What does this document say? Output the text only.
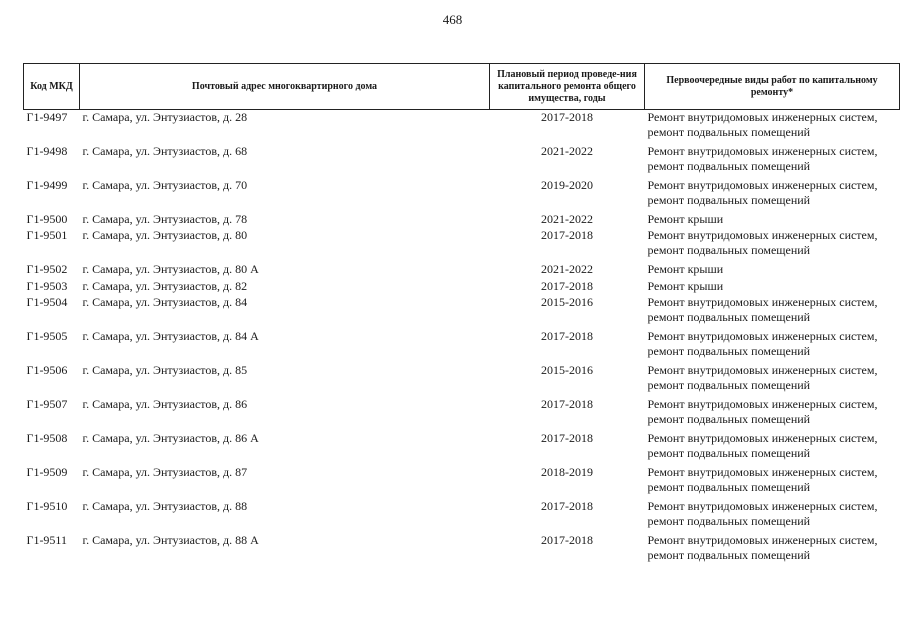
468
Код МКД	Почтовый адрес многоквартирного дома	Плановый период проведе-ния капитального ремонта общего имущества, годы	Первоочередные виды работ по капитальному ремонту*
Г1-9497	г. Самара, ул. Энтузиастов, д. 28	2017-2018	Ремонт внутридомовых инженерных систем,
ремонт подвальных помещений

Г1-9498	г. Самара, ул. Энтузиастов, д. 68	2021-2022	Ремонт внутридомовых инженерных систем,
ремонт подвальных помещений

Г1-9499	г. Самара, ул. Энтузиастов, д. 70	2019-2020	Ремонт внутридомовых инженерных систем,
ремонт подвальных помещений

Г1-9500	г. Самара, ул. Энтузиастов, д. 78	2021-2022	Ремонт крыши

Г1-9501	г. Самара, ул. Энтузиастов, д. 80	2017-2018	Ремонт внутридомовых инженерных систем,
ремонт подвальных помещений

Г1-9502	г. Самара, ул. Энтузиастов, д. 80 А	2021-2022	Ремонт крыши

Г1-9503	г. Самара, ул. Энтузиастов, д. 82	2017-2018	Ремонт крыши

Г1-9504	г. Самара, ул. Энтузиастов, д. 84	2015-2016	Ремонт внутридомовых инженерных систем,
ремонт подвальных помещений

Г1-9505	г. Самара, ул. Энтузиастов, д. 84 А	2017-2018	Ремонт внутридомовых инженерных систем,
ремонт подвальных помещений

Г1-9506	г. Самара, ул. Энтузиастов, д. 85	2015-2016	Ремонт внутридомовых инженерных систем,
ремонт подвальных помещений

Г1-9507	г. Самара, ул. Энтузиастов, д. 86	2017-2018	Ремонт внутридомовых инженерных систем,
ремонт подвальных помещений

Г1-9508	г. Самара, ул. Энтузиастов, д. 86 А	2017-2018	Ремонт внутридомовых инженерных систем,
ремонт подвальных помещений

Г1-9509	г. Самара, ул. Энтузиастов, д. 87	2018-2019	Ремонт внутридомовых инженерных систем,
ремонт подвальных помещений

Г1-9510	г. Самара, ул. Энтузиастов, д. 88	2017-2018	Ремонт внутридомовых инженерных систем,
ремонт подвальных помещений

Г1-9511	г. Самара, ул. Энтузиастов, д. 88 А	2017-2018	Ремонт внутридомовых инженерных систем,
ремонт подвальных помещений
